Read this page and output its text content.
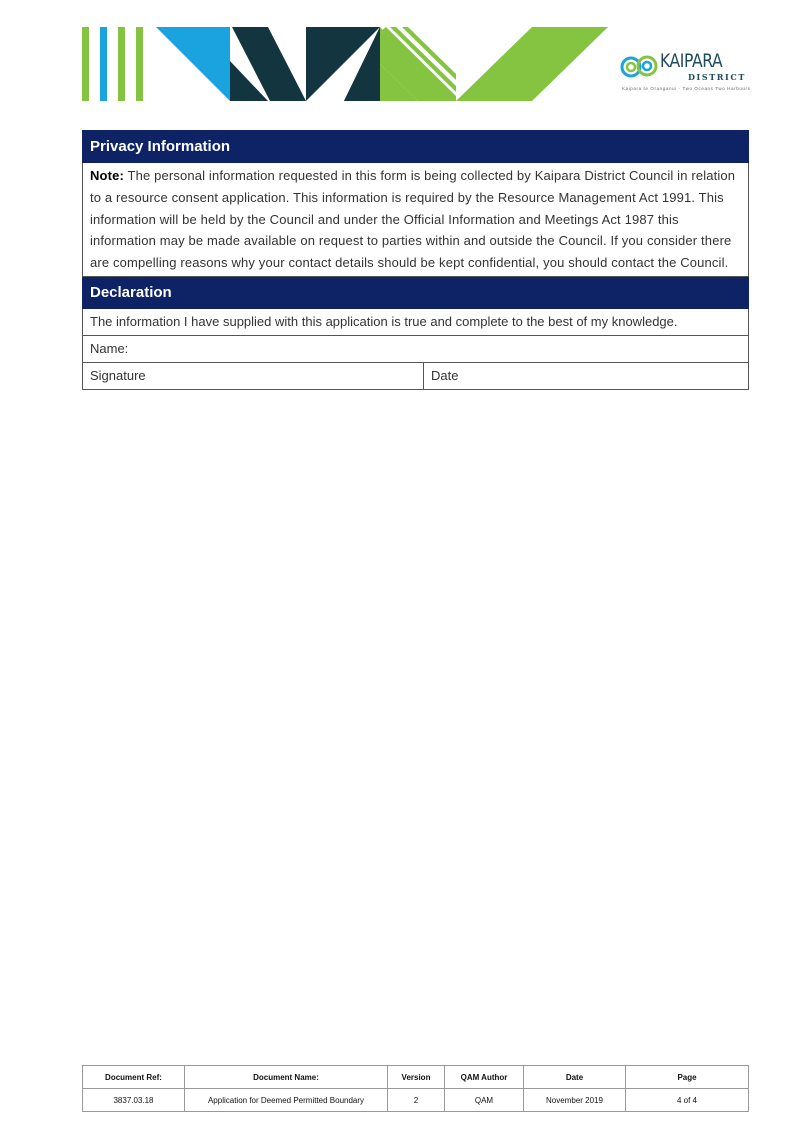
KAIPARA
DISTRICT
Kaipara te Oranganui · Two Oceans Two Harbours
Privacy Information
Note: The personal information requested in this form is being collected by Kaipara District Council in relation to a resource consent application. This information is required by the Resource Management Act 1991. This information will be held by the Council and under the Official Information and Meetings Act 1987 this information may be made available on request to parties within and outside the Council. If you consider there are compelling reasons why your contact details should be kept confidential, you should contact the Council.
Declaration
The information I have supplied with this application is true and complete to the best of my knowledge.
Name:
Signature	Date
Document Ref:	Document Name:	Version	QAM Author	Date	Page
3837.03.18	Application for Deemed Permitted Boundary	2	QAM	November 2019	4 of 4
